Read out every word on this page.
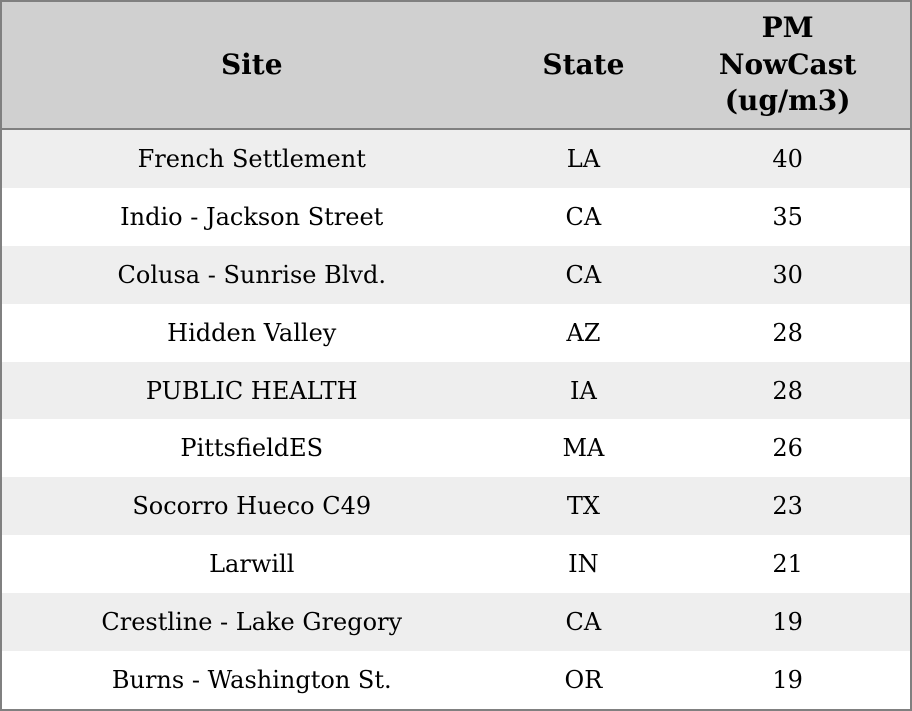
Site	State	PM
NowCast
(ug/m3)

French Settlement	LA	40
Indio - Jackson Street	CA	35
Colusa - Sunrise Blvd.	CA	30
Hidden Valley	AZ	28
PUBLIC HEALTH	IA	28
PittsfieldES	MA	26
Socorro Hueco C49	TX	23
Larwill	IN	21
Crestline - Lake Gregory	CA	19
Burns - Washington St.	OR	19
